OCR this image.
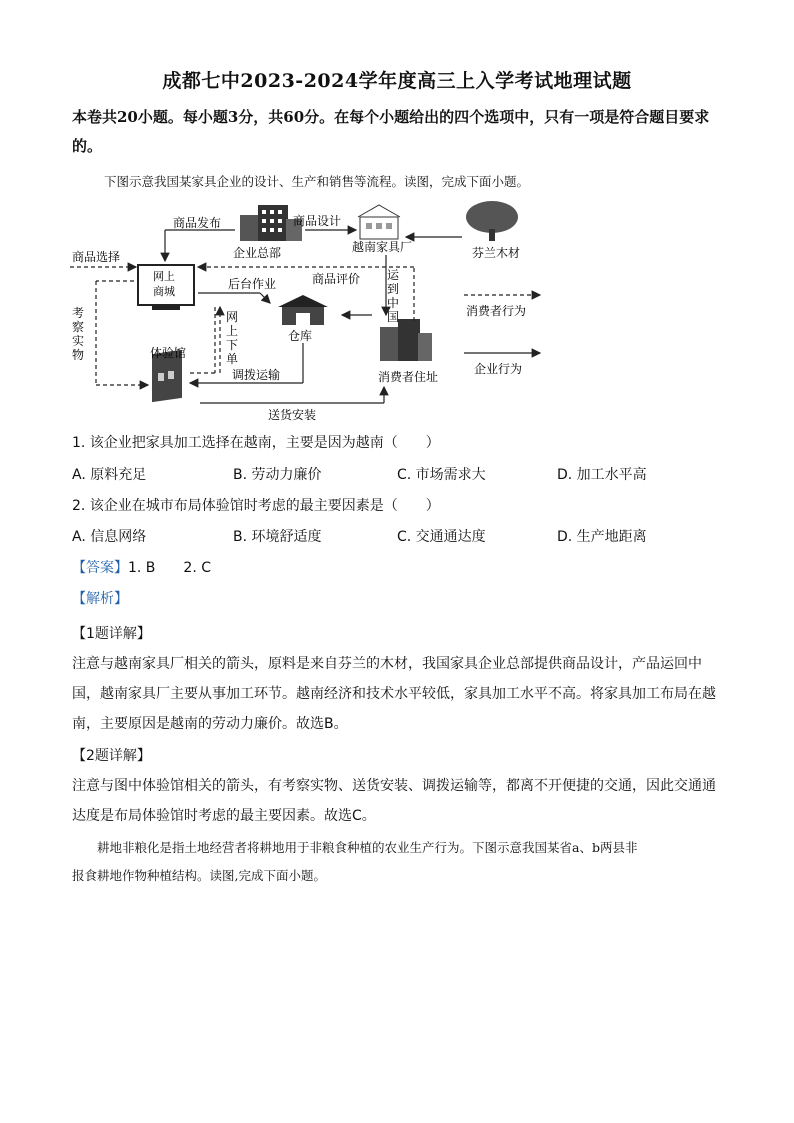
成都七中2023-2024学年度高三上入学考试地理试题
本卷共20小题。每小题3分，共60分。在每个小题给出的四个选项中，只有一项是符合题目要求的。
下图示意我国某家具企业的设计、生产和销售等流程。读图，完成下面小题。
企业总部	越南家具厂	芬兰木材
网上
商城
仓库
消费者住址
体验馆
商品发布	商品设计
运
到
中
国
后台作业
调拨运输
送货安装
商品选择
商品评价
网
上
下
单
考
察
实
物
消费者行为
企业行为
1. 该企业把家具加工选择在越南，主要是因为越南（　　）
A. 原料充足	B. 劳动力廉价	C. 市场需求大	D. 加工水平高
2. 该企业在城市布局体验馆时考虑的最主要因素是（　　）
A. 信息网络	B. 环境舒适度	C. 交通通达度	D. 生产地距离
【答案】1. B　　2. C
【解析】
【1题详解】
注意与越南家具厂相关的箭头，原料是来自芬兰的木材，我国家具企业总部提供商品设计，产品运回中
国，越南家具厂主要从事加工环节。越南经济和技术水平较低，家具加工水平不高。将家具加工布局在越
南，主要原因是越南的劳动力廉价。故选B。
【2题详解】
注意与图中体验馆相关的箭头，有考察实物、送货安装、调拨运输等，都离不开便捷的交通，因此交通通
达度是布局体验馆时考虑的最主要因素。故选C。
　　耕地非粮化是指土地经营者将耕地用于非粮食种植的农业生产行为。下图示意我国某省a、b两县非
报食耕地作物种植结构。读图,完成下面小题。
